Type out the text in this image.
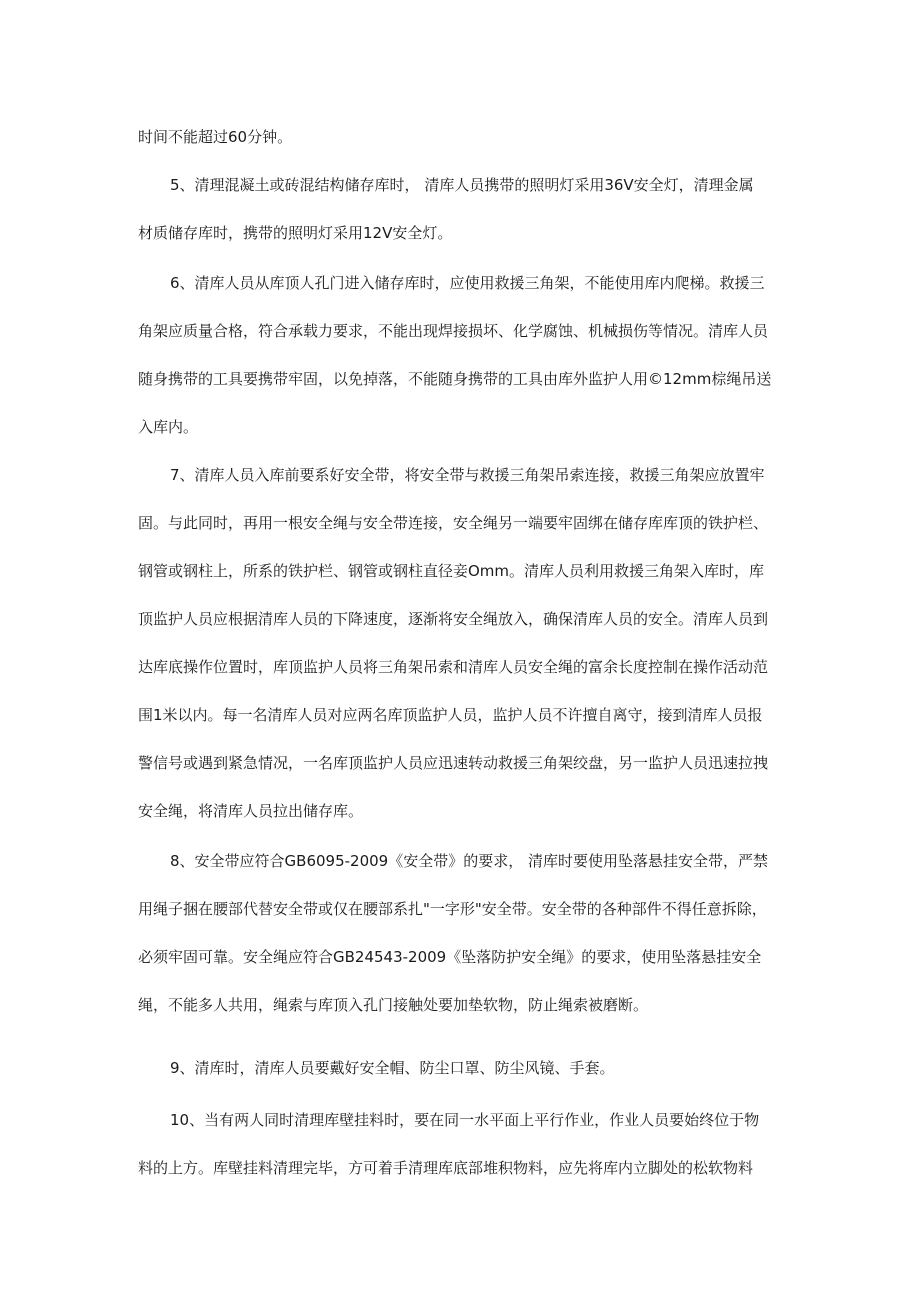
时间不能超过60分钟。
5、清理混凝土或砖混结构储存库时， 清库人员携带的照明灯采用36V安全灯，清理金属
材质储存库时，携带的照明灯采用12V安全灯。
6、清库人员从库顶人孔门进入储存库时，应使用救援三角架，不能使用库内爬梯。救援三
角架应质量合格，符合承载力要求，不能出现焊接损坏、化学腐蚀、机械损伤等情况。清库人员
随身携带的工具要携带牢固，以免掉落，不能随身携带的工具由库外监护人用©12mm棕绳吊送
入库内。
7、清库人员入库前要系好安全带，将安全带与救援三角架吊索连接，救援三角架应放置牢
固。与此同时，再用一根安全绳与安全带连接，安全绳另一端要牢固绑在储存库库顶的铁护栏、
钢管或钢柱上，所系的铁护栏、钢管或钢柱直径妾Omm。清库人员利用救援三角架入库时，库
顶监护人员应根据清库人员的下降速度，逐渐将安全绳放入，确保清库人员的安全。清库人员到
达库底操作位置时，库顶监护人员将三角架吊索和清库人员安全绳的富余长度控制在操作活动范
围1米以内。每一名清库人员对应两名库顶监护人员，监护人员不许擅自离守，接到清库人员报
警信号或遇到紧急情况，一名库顶监护人员应迅速转动救援三角架绞盘，另一监护人员迅速拉拽
安全绳，将清库人员拉出储存库。
8、安全带应符合GB6095-2009《安全带》的要求， 清库时要使用坠落悬挂安全带，严禁
用绳子捆在腰部代替安全带或仅在腰部系扎"一字形"安全带。安全带的各种部件不得任意拆除，
必须牢固可靠。安全绳应符合GB24543-2009《坠落防护安全绳》的要求，使用坠落悬挂安全
绳，不能多人共用，绳索与库顶入孔门接触处要加垫软物，防止绳索被磨断。
9、清库时，清库人员要戴好安全帽、防尘口罩、防尘风镜、手套。
10、当有两人同时清理库壁挂料时，要在同一水平面上平行作业，作业人员要始终位于物
料的上方。库壁挂料清理完毕，方可着手清理库底部堆积物料，应先将库内立脚处的松软物料
